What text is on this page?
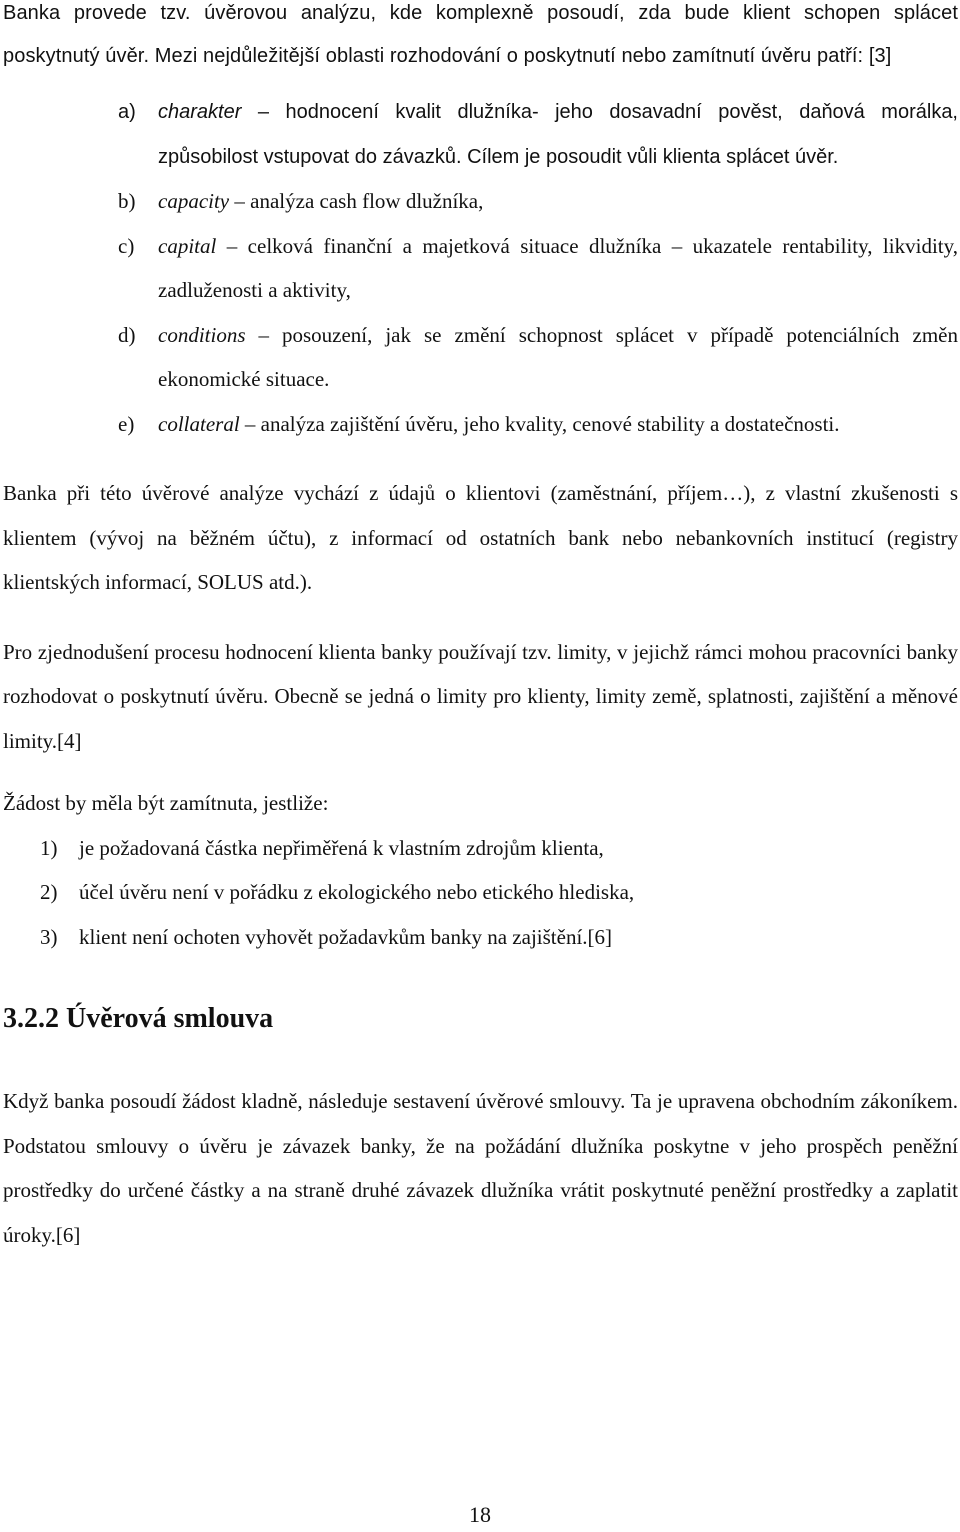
Banka provede tzv. úvěrovou analýzu, kde komplexně posoudí, zda bude klient schopen splácet poskytnutý úvěr. Mezi nejdůležitější oblasti rozhodování o poskytnutí nebo zamítnutí úvěru patří: [3]

a) charakter – hodnocení kvalit dlužníka- jeho dosavadní pověst, daňová morálka, způsobilost vstupovat do závazků. Cílem je posoudit vůli klienta splácet úvěr.
b) capacity – analýza cash flow dlužníka,
c) capital – celková finanční a majetková situace dlužníka – ukazatele rentability, likvidity, zadluženosti a aktivity,
d) conditions – posouzení, jak se změní schopnost splácet v případě potenciálních změn ekonomické situace.
e) collateral – analýza zajištění úvěru, jeho kvality, cenové stability a dostatečnosti.

Banka při této úvěrové analýze vychází z údajů o klientovi (zaměstnání, příjem…), z vlastní zkušenosti s klientem (vývoj na běžném účtu), z informací od ostatních bank nebo nebankovních institucí (registry klientských informací, SOLUS atd.).

Pro zjednodušení procesu hodnocení klienta banky používají tzv. limity, v jejichž rámci mohou pracovníci banky rozhodovat o poskytnutí úvěru. Obecně se jedná o limity pro klienty, limity země, splatnosti, zajištění a měnové limity.[4]

Žádost by měla být zamítnuta, jestliže:

1) je požadovaná částka nepřiměřená k vlastním zdrojům klienta,
2) účel úvěru není v pořádku z ekologického nebo etického hlediska,
3) klient není ochoten vyhovět požadavkům banky na zajištění.[6]
3.2.2 Úvěrová smlouva

Když banka posoudí žádost kladně, následuje sestavení úvěrové smlouvy. Ta je upravena obchodním zákoníkem. Podstatou smlouvy o úvěru je závazek banky, že na požádání dlužníka poskytne v jeho prospěch peněžní prostředky do určené částky a na straně druhé závazek dlužníka vrátit poskytnuté peněžní prostředky a zaplatit úroky.[6]

18
